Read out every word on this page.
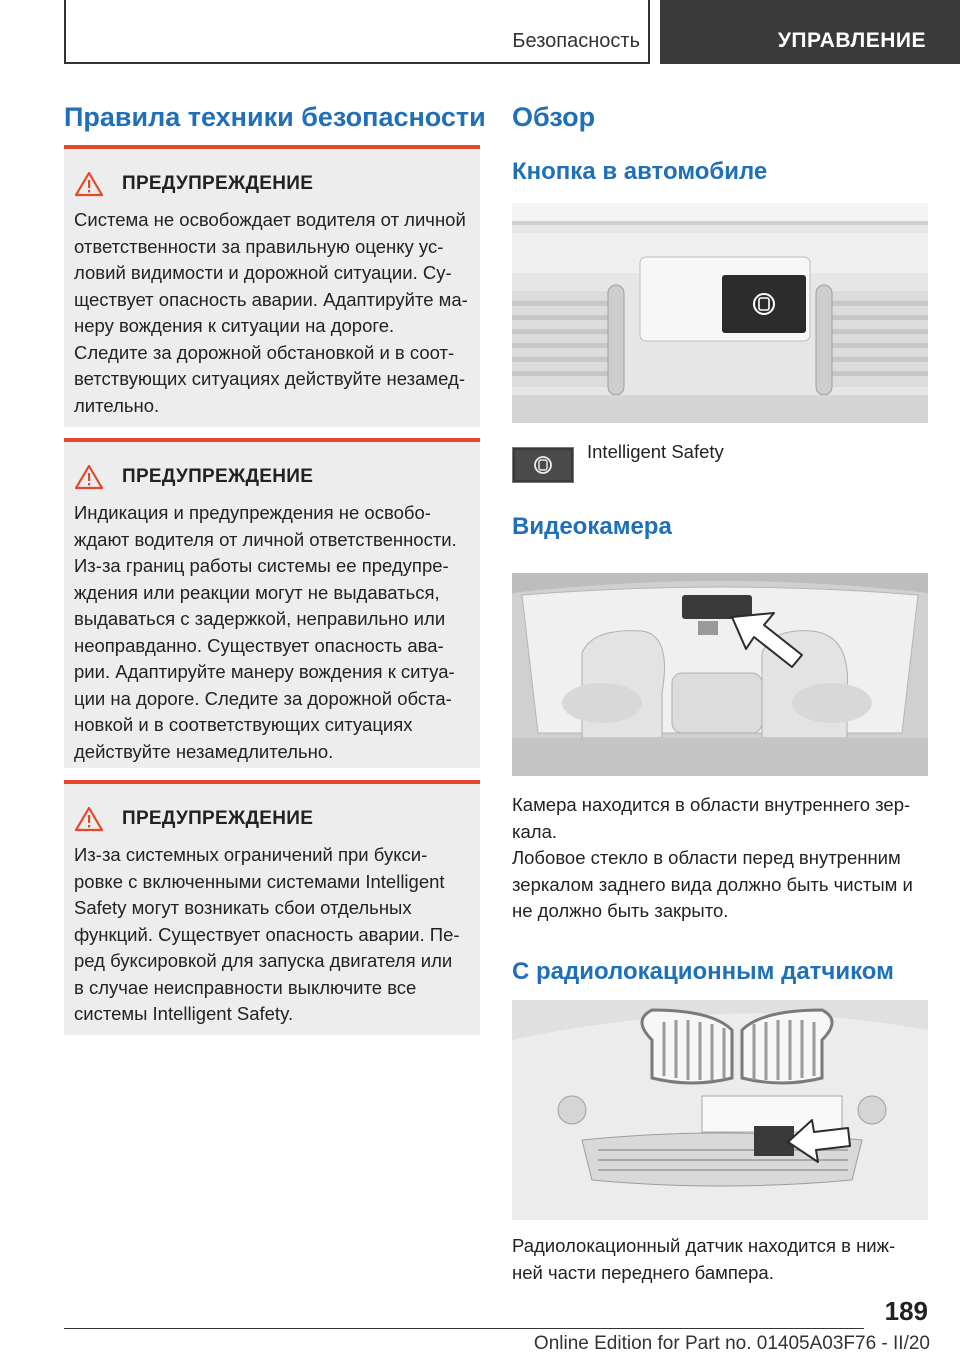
Безопасность	УПРАВЛЕНИЕ
Правила техники безопасности
ПРЕДУПРЕЖДЕНИЕ
Система не освобождает водителя от личной
ответственности за правильную оценку ус-
ловий видимости и дорожной ситуации. Су-
ществует опасность аварии. Адаптируйте ма-
неру вождения к ситуации на дороге.
Следите за дорожной обстановкой и в соот-
ветствующих ситуациях действуйте незамед-
лительно.
ПРЕДУПРЕЖДЕНИЕ
Индикация и предупреждения не освобо-
ждают водителя от личной ответственности.
Из-за границ работы системы ее предупре-
ждения или реакции могут не выдаваться,
выдаваться с задержкой, неправильно или
неоправданно. Существует опасность ава-
рии. Адаптируйте манеру вождения к ситуа-
ции на дороге. Следите за дорожной обста-
новкой и в соответствующих ситуациях
действуйте незамедлительно.
ПРЕДУПРЕЖДЕНИЕ
Из-за системных ограничений при букси-
ровке с включенными системами Intelligent
Safety могут возникать сбои отдельных
функций. Существует опасность аварии. Пе-
ред буксировкой для запуска двигателя или
в случае неисправности выключите все
системы Intelligent Safety.
Обзор
Кнопка в автомобиле
Intelligent Safety
Видеокамера
Камера находится в области внутреннего зер-
кала.
Лобовое стекло в области перед внутренним
зеркалом заднего вида должно быть чистым и
не должно быть закрыто.
С радиолокационным датчиком
Радиолокационный датчик находится в ниж-
ней части переднего бампера.
189
Online Edition for Part no. 01405A03F76 - II/20
